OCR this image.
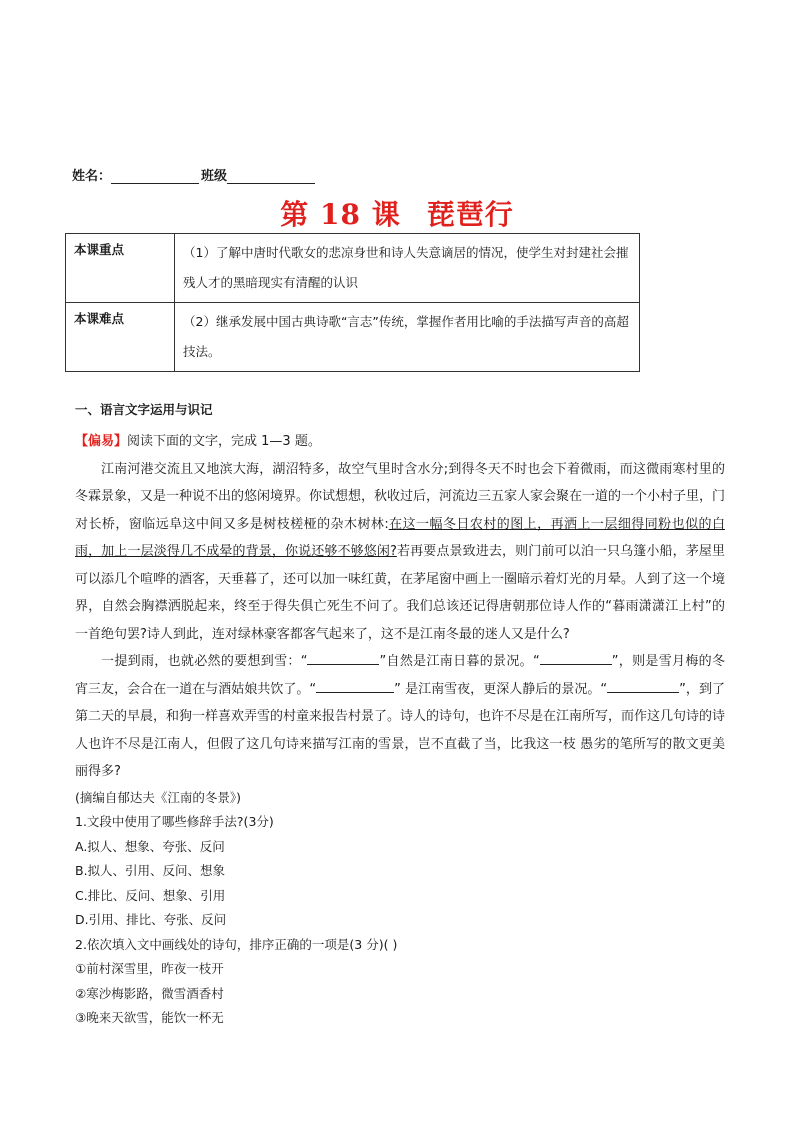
姓名：	班级
第 18 课 琵琶行
本课重点	（1）了解中唐时代歌女的悲凉身世和诗人失意谪居的情况，使学生对封建社会摧残人才的黑暗现实有清醒的认识
本课难点	（2）继承发展中国古典诗歌“言志”传统，掌握作者用比喻的手法描写声音的高超技法。
一、语言文字运用与识记

【偏易】阅读下面的文字，完成 1—3 题。

江南河港交流且又地滨大海，湖沼特多，故空气里时含水分;到得冬天不时也会下着微雨，而这微雨寒村里的冬霖景象，又是一种说不出的悠闲境界。你试想想，秋收过后，河流边三五家人家会聚在一道的一个小村子里，门对长桥，窗临远阜这中间又多是树枝槎桠的杂木树林:在这一幅冬日农村的图上，再洒上一层细得同粉也似的白雨，加上一层淡得几不成晕的背景，你说还够不够悠闲?若再要点景致进去，则门前可以泊一只乌篷小船，茅屋里可以添几个喧哗的酒客，天垂暮了，还可以加一味红黄，在茅尾窗中画上一圈暗示着灯光的月晕。人到了这一个境界，自然会胸襟洒脱起来，终至于得失俱亡死生不问了。我们总该还记得唐朝那位诗人作的“暮雨潇潇江上村”的一首绝句罢?诗人到此，连对绿林豪客都客气起来了，这不是江南冬最的迷人又是什么?

一提到雨，也就必然的要想到雪：“	”自然是江南日暮的景况。“	”，则是雪月梅的冬宵三友，会合在一道在与酒姑娘共饮了。“	” 是江南雪夜，更深人静后的景况。“	”，到了第二天的早晨，和狗一样喜欢弄雪的村童来报告村景了。诗人的诗句，也许不尽是在江南所写，而作这几句诗的诗人也许不尽是江南人，但假了这几句诗来描写江南的雪景，岂不直截了当，比我这一枝 愚劣的笔所写的散文更美丽得多?

(摘编自郁达夫《江南的冬景》)

1.文段中使用了哪些修辞手法?(3分)

A.拟人、想象、夸张、反问

B.拟人、引用、反问、想象

C.排比、反问、想象、引用

D.引用、排比、夸张、反问

2.依次填入文中画线处的诗句，排序正确的一项是(3 分)( )

①前村深雪里，昨夜一枝开

②寒沙梅影路，微雪酒香村

③晚来天欲雪，能饮一杯无
